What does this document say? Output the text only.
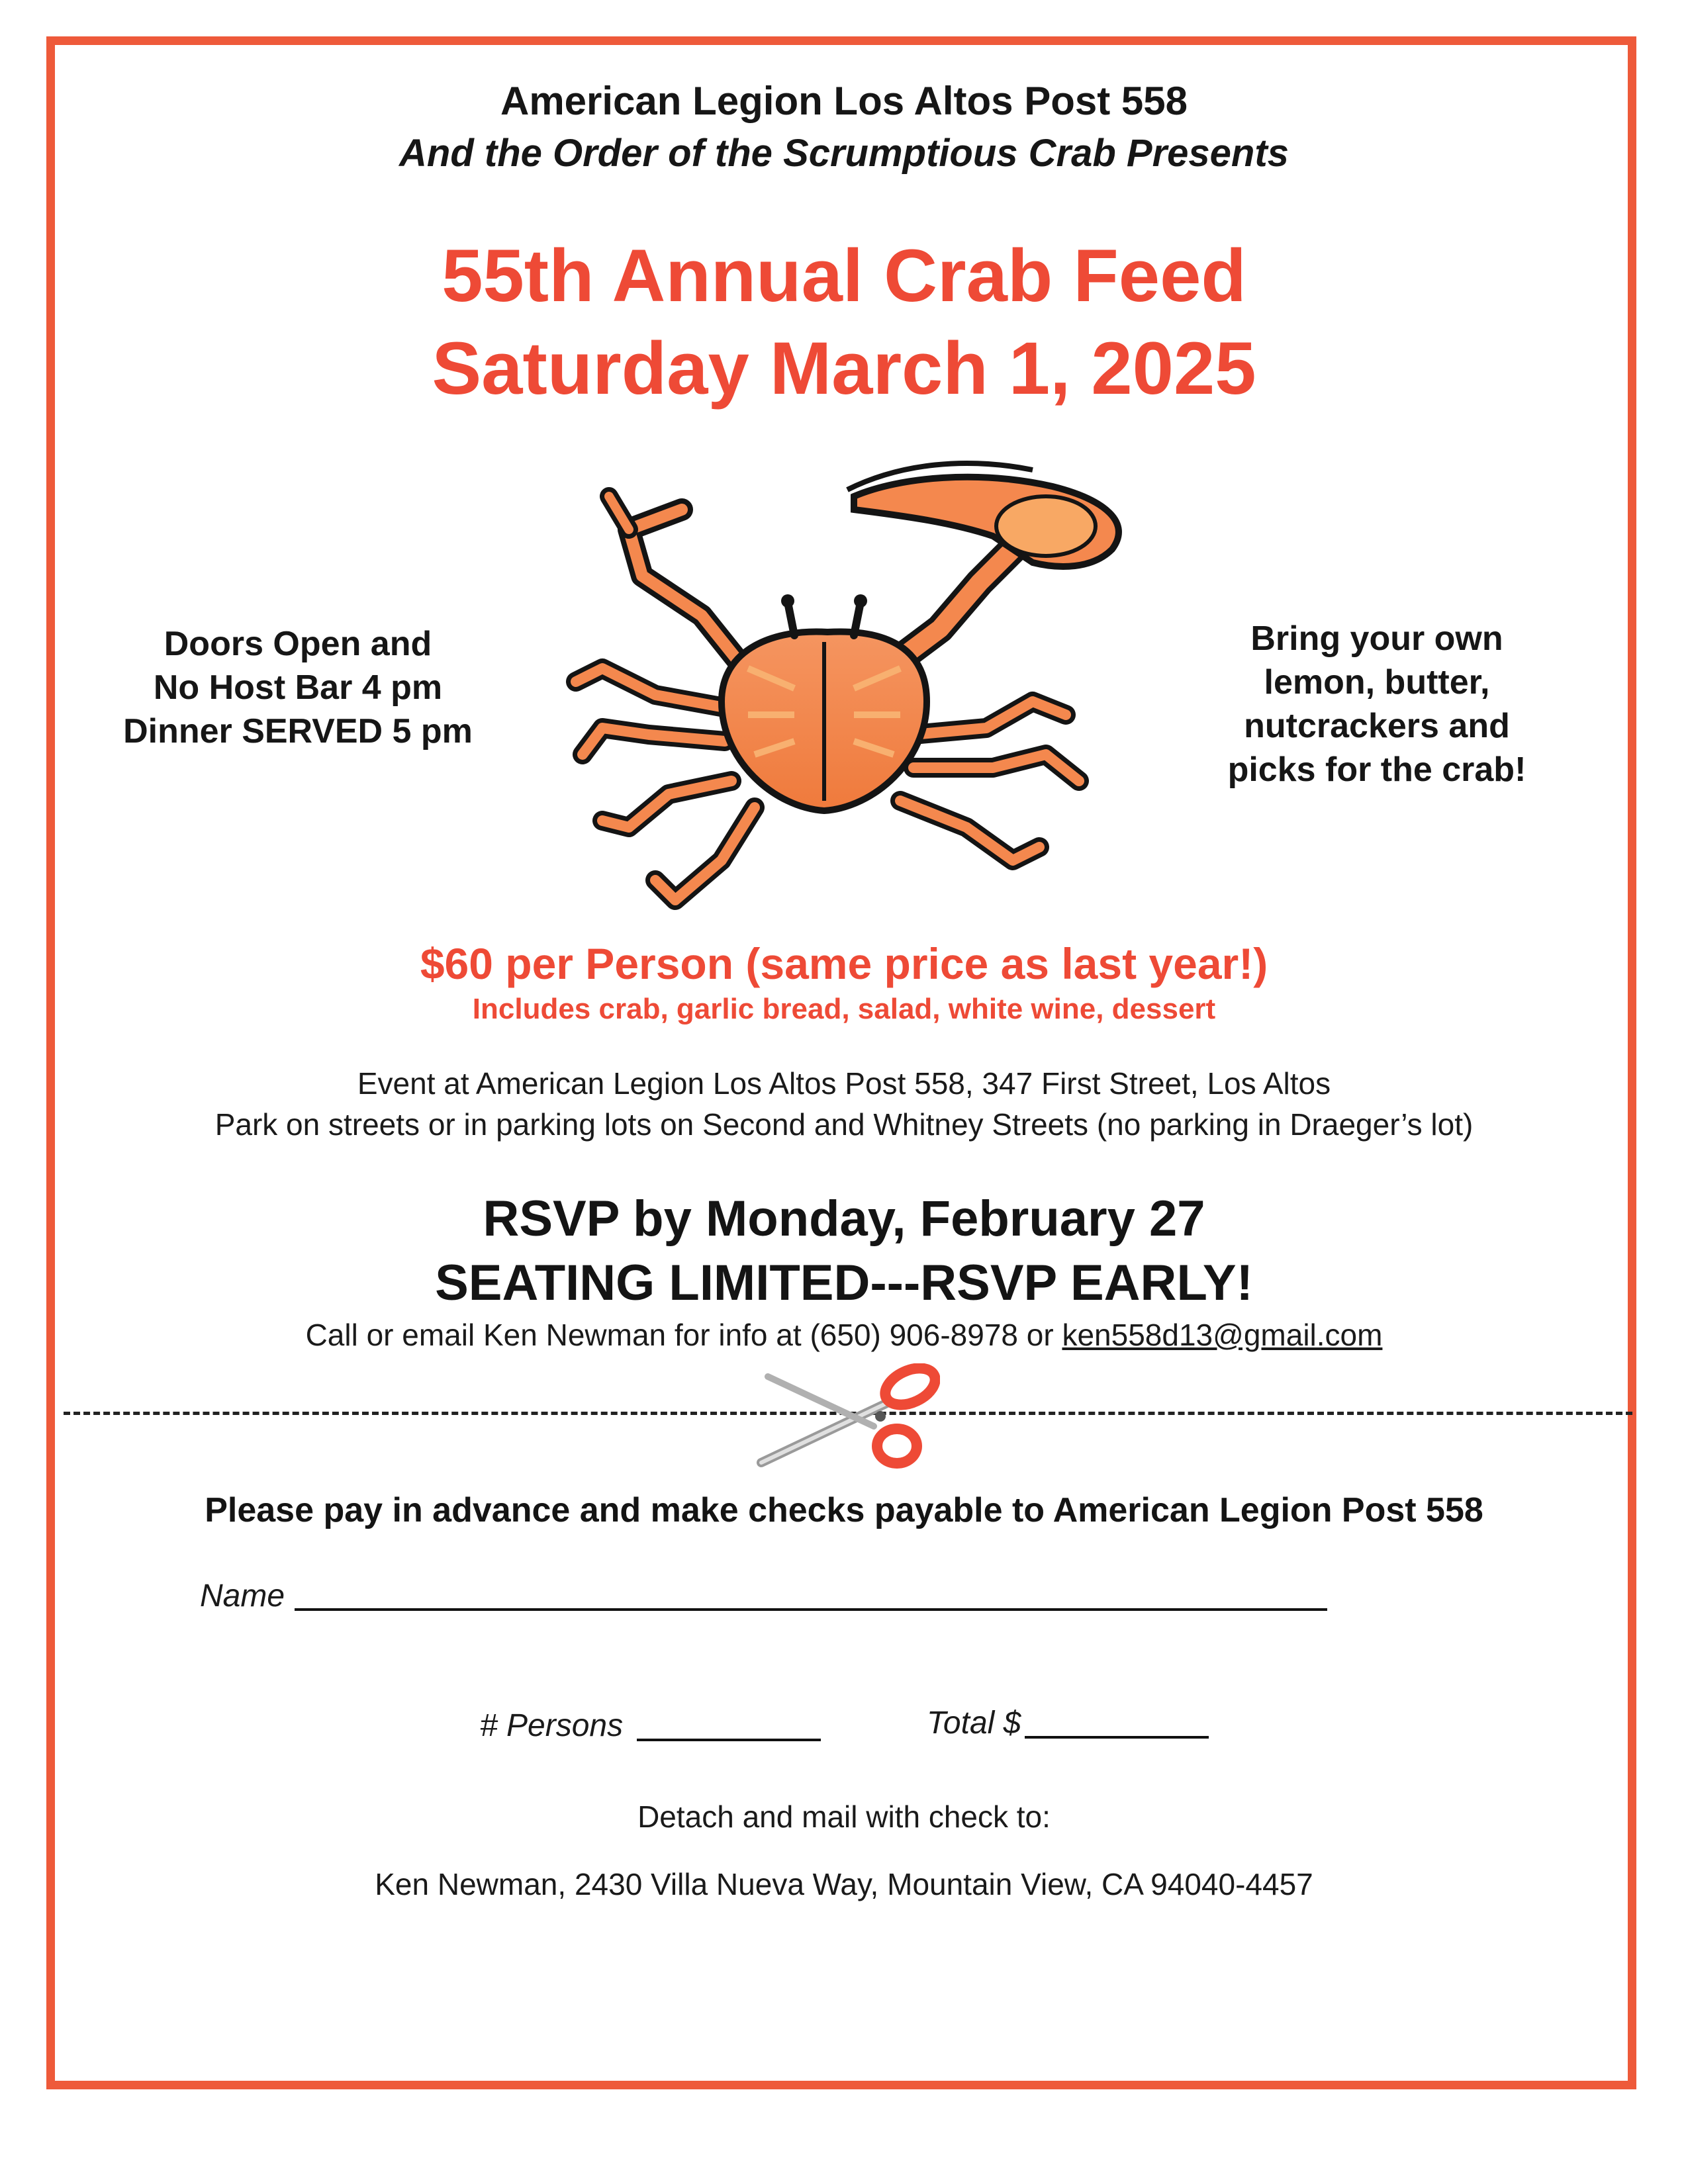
American Legion Los Altos Post 558
And the Order of the Scrumptious Crab Presents
55th Annual Crab Feed
Saturday March 1, 2025
Doors Open and
No Host Bar 4 pm
Dinner SERVED 5 pm
Bring your own
lemon, butter,
nutcrackers and
picks for the crab!
$60 per Person (same price as last year!)
Includes crab, garlic bread, salad, white wine, dessert
Event at American Legion Los Altos Post 558, 347 First Street, Los Altos
Park on streets or in parking lots on Second and Whitney Streets (no parking in Draeger’s lot)
RSVP by Monday, February 27
SEATING LIMITED---RSVP EARLY!
Call or email Ken Newman for info at (650) 906-8978 or ken558d13@gmail.com
Please pay in advance and make checks payable to American Legion Post 558
Name
# Persons	Total $
Detach and mail with check to:
Ken Newman, 2430 Villa Nueva Way, Mountain View, CA 94040-4457
